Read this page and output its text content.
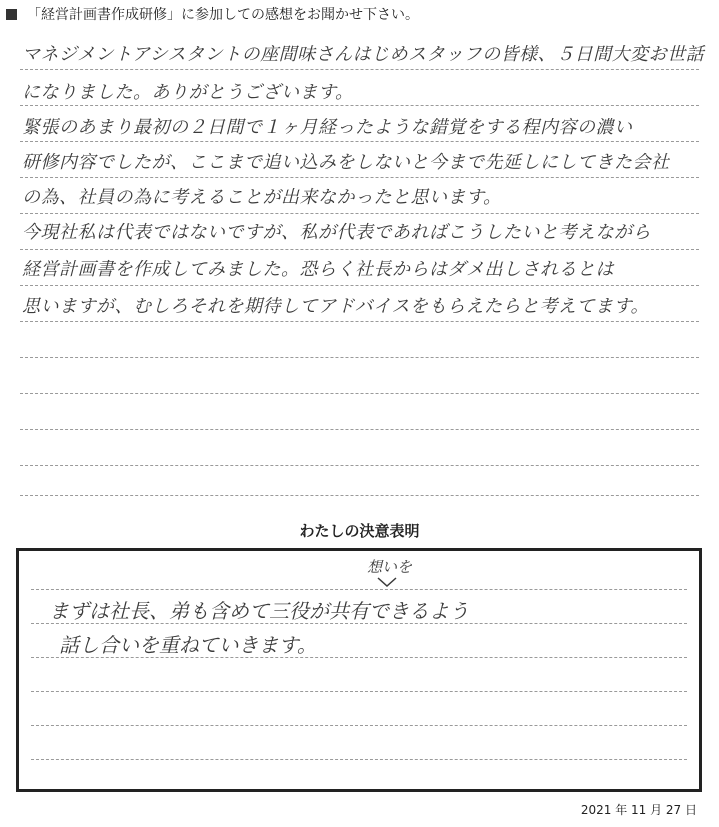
「経営計画書作成研修」に参加しての感想をお聞かせ下さい。
マネジメントアシスタントの座間味さんはじめスタッフの皆様、５日間大変お世話
になりました。ありがとうございます。
緊張のあまり最初の２日間で１ヶ月経ったような錯覚をする程内容の濃い
研修内容でしたが、ここまで追い込みをしないと今まで先延しにしてきた会社
の為、社員の為に考えることが出来なかったと思います。
今現社私は代表ではないですが、私が代表であればこうしたいと考えながら
経営計画書を作成してみました。恐らく社長からはダメ出しされるとは
思いますが、むしろそれを期待してアドバイスをもらえたらと考えてます。
わたしの決意表明
想いを
まずは社長、弟も含めて三役が共有できるよう
話し合いを重ねていきます。
2021 年 11 月 27 日
